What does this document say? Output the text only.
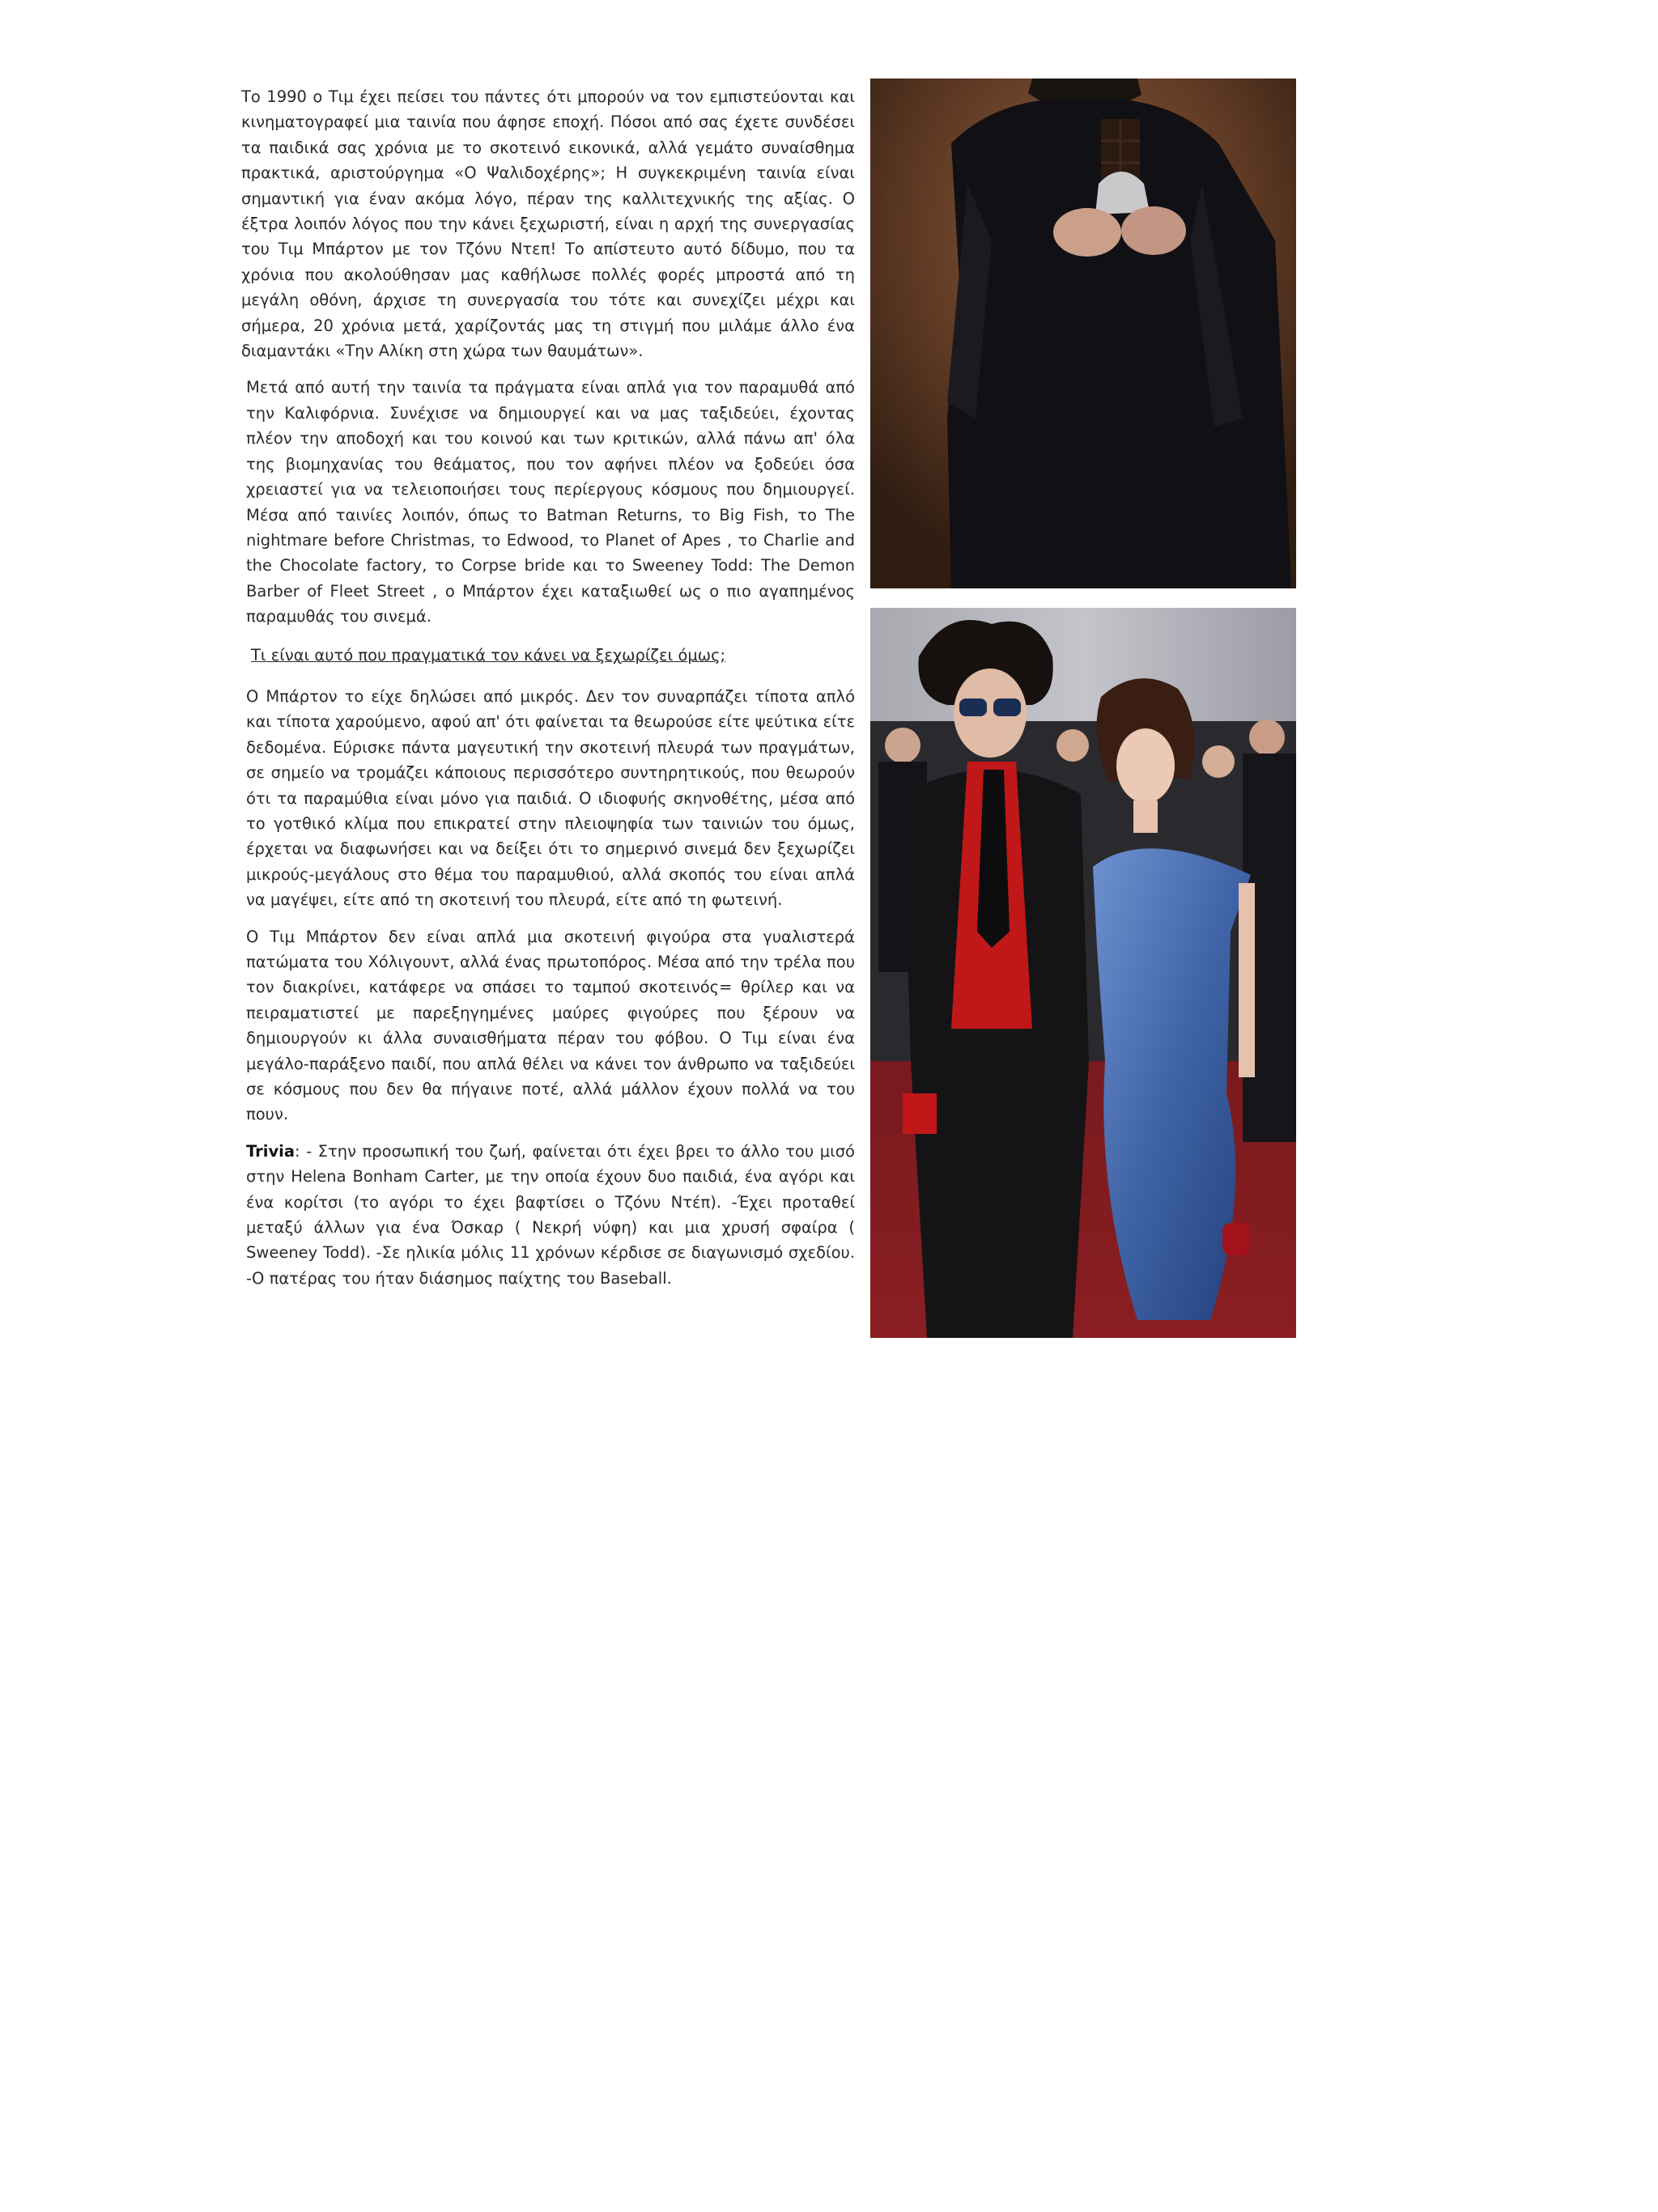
Το 1990 ο Τιμ έχει πείσει του πάντες ότι μπορούν να τον εμπιστεύονται και κινηματογραφεί μια ταινία που άφησε εποχή. Πόσοι από σας έχετε συνδέσει τα παιδικά σας χρόνια με το σκοτεινό εικονικά, αλλά γεμάτο συναίσθημα πρακτικά, αριστούργημα «Ο Ψαλιδοχέρης»; Η συγκεκριμένη ταινία είναι σημαντική για έναν ακόμα λόγο, πέραν της καλλιτεχνικής της αξίας. Ο έξτρα λοιπόν λόγος που την κάνει ξεχωριστή, είναι η αρχή της συνεργασίας του Τιμ Μπάρτον με τον Τζόνυ Ντεπ! Το απίστευτο αυτό δίδυμο, που τα χρόνια που ακολούθησαν μας καθήλωσε πολλές φορές μπροστά από τη μεγάλη οθόνη, άρχισε τη συνεργασία του τότε και συνεχίζει μέχρι και σήμερα, 20 χρόνια μετά, χαρίζοντάς μας τη στιγμή που μιλάμε άλλο ένα διαμαντάκι «Την Αλίκη στη χώρα των θαυμάτων».

Μετά από αυτή την ταινία τα πράγματα είναι απλά για τον παραμυθά από την Καλιφόρνια. Συνέχισε να δημιουργεί και να μας ταξιδεύει, έχοντας πλέον την αποδοχή και του κοινού και των κριτικών, αλλά πάνω απ' όλα της βιομηχανίας του θεάματος, που τον αφήνει πλέον να ξοδεύει όσα χρειαστεί για να τελειοποιήσει τους περίεργους κόσμους που δημιουργεί. Μέσα από ταινίες λοιπόν, όπως το Batman Returns, το Big Fish, το The nightmare before Christmas, το Edwood, το Planet of Apes , το Charlie and the Chocolate factory, το Corpse bride και το Sweeney Todd: The Demon Barber of Fleet Street , ο Μπάρτον έχει καταξιωθεί ως ο πιο αγαπημένος παραμυθάς του σινεμά.

Τι είναι αυτό που πραγματικά τον κάνει να ξεχωρίζει όμως;

Ο Μπάρτον το είχε δηλώσει από μικρός. Δεν τον συναρπάζει τίποτα απλό και τίποτα χαρούμενο, αφού απ' ότι φαίνεται τα θεωρούσε είτε ψεύτικα είτε δεδομένα. Εύρισκε πάντα μαγευτική την σκοτεινή πλευρά των πραγμάτων, σε σημείο να τρομάζει κάποιους περισσότερο συντηρητικούς, που θεωρούν ότι τα παραμύθια είναι μόνο για παιδιά. Ο ιδιοφυής σκηνοθέτης, μέσα από το γοτθικό κλίμα που επικρατεί στην πλειοψηφία των ταινιών του όμως, έρχεται να διαφωνήσει και να δείξει ότι το σημερινό σινεμά δεν ξεχωρίζει μικρούς-μεγάλους στο θέμα του παραμυθιού, αλλά σκοπός του είναι απλά να μαγέψει, είτε από τη σκοτεινή του πλευρά, είτε από τη φωτεινή.

Ο Τιμ Μπάρτον δεν είναι απλά μια σκοτεινή φιγούρα στα γυαλιστερά πατώματα του Χόλιγουντ, αλλά ένας πρωτοπόρος. Μέσα από την τρέλα που τον διακρίνει, κατάφερε να σπάσει το ταμπού σκοτεινός= θρίλερ και να πειραματιστεί με παρεξηγημένες μαύρες φιγούρες που ξέρουν να δημιουργούν κι άλλα συναισθήματα πέραν του φόβου. Ο Τιμ είναι ένα μεγάλο-παράξενο παιδί, που απλά θέλει να κάνει τον άνθρωπο να ταξιδεύει σε κόσμους που δεν θα πήγαινε ποτέ, αλλά μάλλον έχουν πολλά να του πουν.

Trivia: - Στην προσωπική του ζωή, φαίνεται ότι έχει βρει το άλλο του μισό στην Helena Bonham Carter, με την οποία έχουν δυο παιδιά, ένα αγόρι και ένα κορίτσι (το αγόρι το έχει βαφτίσει ο Τζόνυ Ντέπ). -Έχει προταθεί μεταξύ άλλων για ένα Όσκαρ ( Νεκρή νύφη) και μια χρυσή σφαίρα ( Sweeney Todd). -Σε ηλικία μόλις 11 χρόνων κέρδισε σε διαγωνισμό σχεδίου. -Ο πατέρας του ήταν διάσημος παίχτης του Baseball.
